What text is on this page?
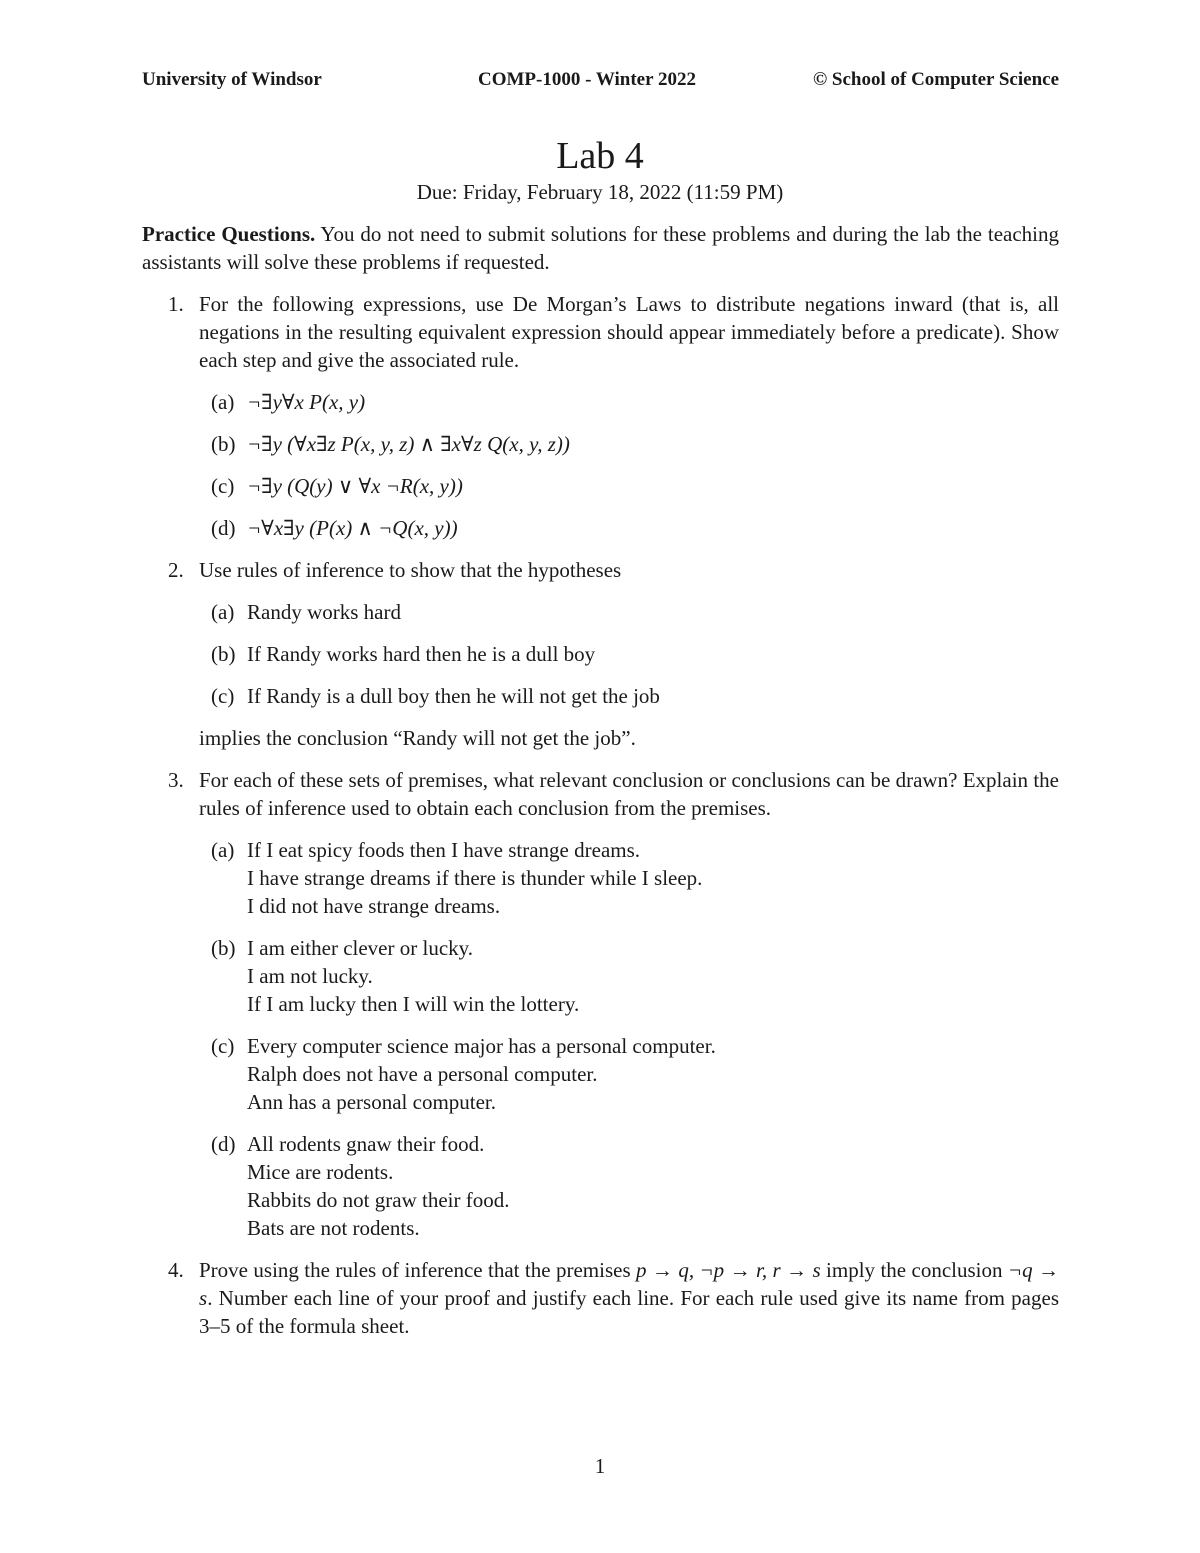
University of Windsor	COMP-1000 - Winter 2022	© School of Computer Science
Lab 4
Due: Friday, February 18, 2022 (11:59 PM)

Practice Questions. You do not need to submit solutions for these problems and during the lab the teaching assistants will solve these problems if requested.

1. For the following expressions, use De Morgan’s Laws to distribute negations inward (that is, all negations in the resulting equivalent expression should appear immediately before a predicate). Show each step and give the associated rule.

(a) ¬∃y∀x P(x, y)
(b) ¬∃y (∀x∃z P(x, y, z) ∧ ∃x∀z Q(x, y, z))
(c) ¬∃y (Q(y) ∨ ∀x ¬R(x, y))
(d) ¬∀x∃y (P(x) ∧ ¬Q(x, y))
2. Use rules of inference to show that the hypotheses

(a) Randy works hard
(b) If Randy works hard then he is a dull boy
(c) If Randy is a dull boy then he will not get the job

implies the conclusion “Randy will not get the job”.

3. For each of these sets of premises, what relevant conclusion or conclusions can be drawn? Explain the rules of inference used to obtain each conclusion from the premises.

(a) If I eat spicy foods then I have strange dreams.
I have strange dreams if there is thunder while I sleep.
I did not have strange dreams.
(b) I am either clever or lucky.
I am not lucky.
If I am lucky then I will win the lottery.
(c) Every computer science major has a personal computer.
Ralph does not have a personal computer.
Ann has a personal computer.
(d) All rodents gnaw their food.
Mice are rodents.
Rabbits do not graw their food.
Bats are not rodents.
4. Prove using the rules of inference that the premises p → q, ¬p → r, r → s imply the conclusion ¬q → s. Number each line of your proof and justify each line. For each rule used give its name from pages 3–5 of the formula sheet.

1
